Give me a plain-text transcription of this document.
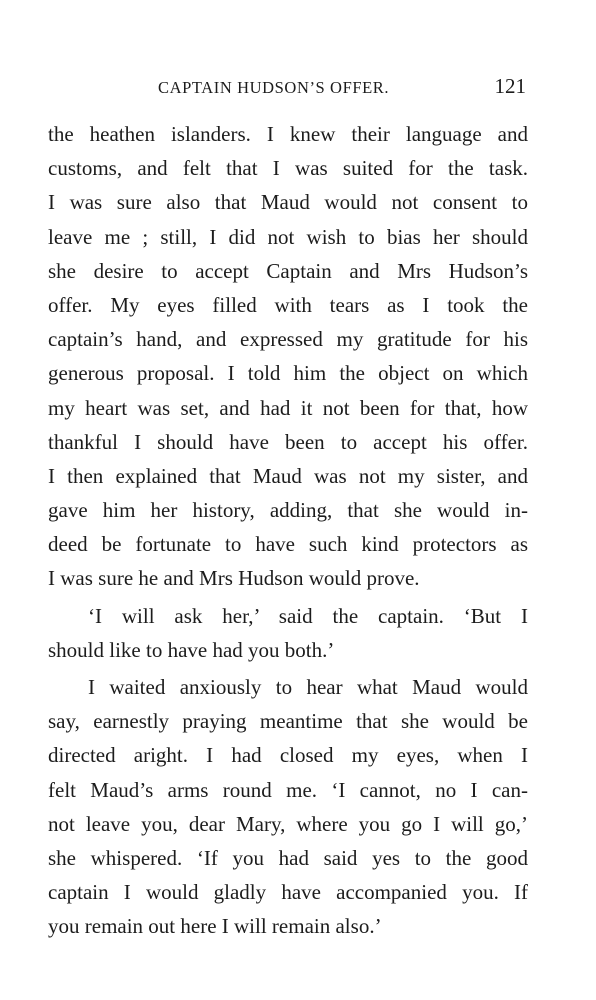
CAPTAIN HUDSON’S OFFER.	121
the heathen islanders. I knew their language and
customs, and felt that I was suited for the task.
I was sure also that Maud would not consent to
leave me ; still, I did not wish to bias her should
she desire to accept Captain and Mrs Hudson’s
offer. My eyes filled with tears as I took the
captain’s hand, and expressed my gratitude for his
generous proposal. I told him the object on which
my heart was set, and had it not been for that, how
thankful I should have been to accept his offer.
I then explained that Maud was not my sister, and
gave him her history, adding, that she would in-
deed be fortunate to have such kind protectors as
I was sure he and Mrs Hudson would prove.
‘I will ask her,’ said the captain. ‘But I
should like to have had you both.’
I waited anxiously to hear what Maud would
say, earnestly praying meantime that she would be
directed aright. I had closed my eyes, when I
felt Maud’s arms round me. ‘I cannot, no I can-
not leave you, dear Mary, where you go I will go,’
she whispered. ‘If you had said yes to the good
captain I would gladly have accompanied you. If
you remain out here I will remain also.’
